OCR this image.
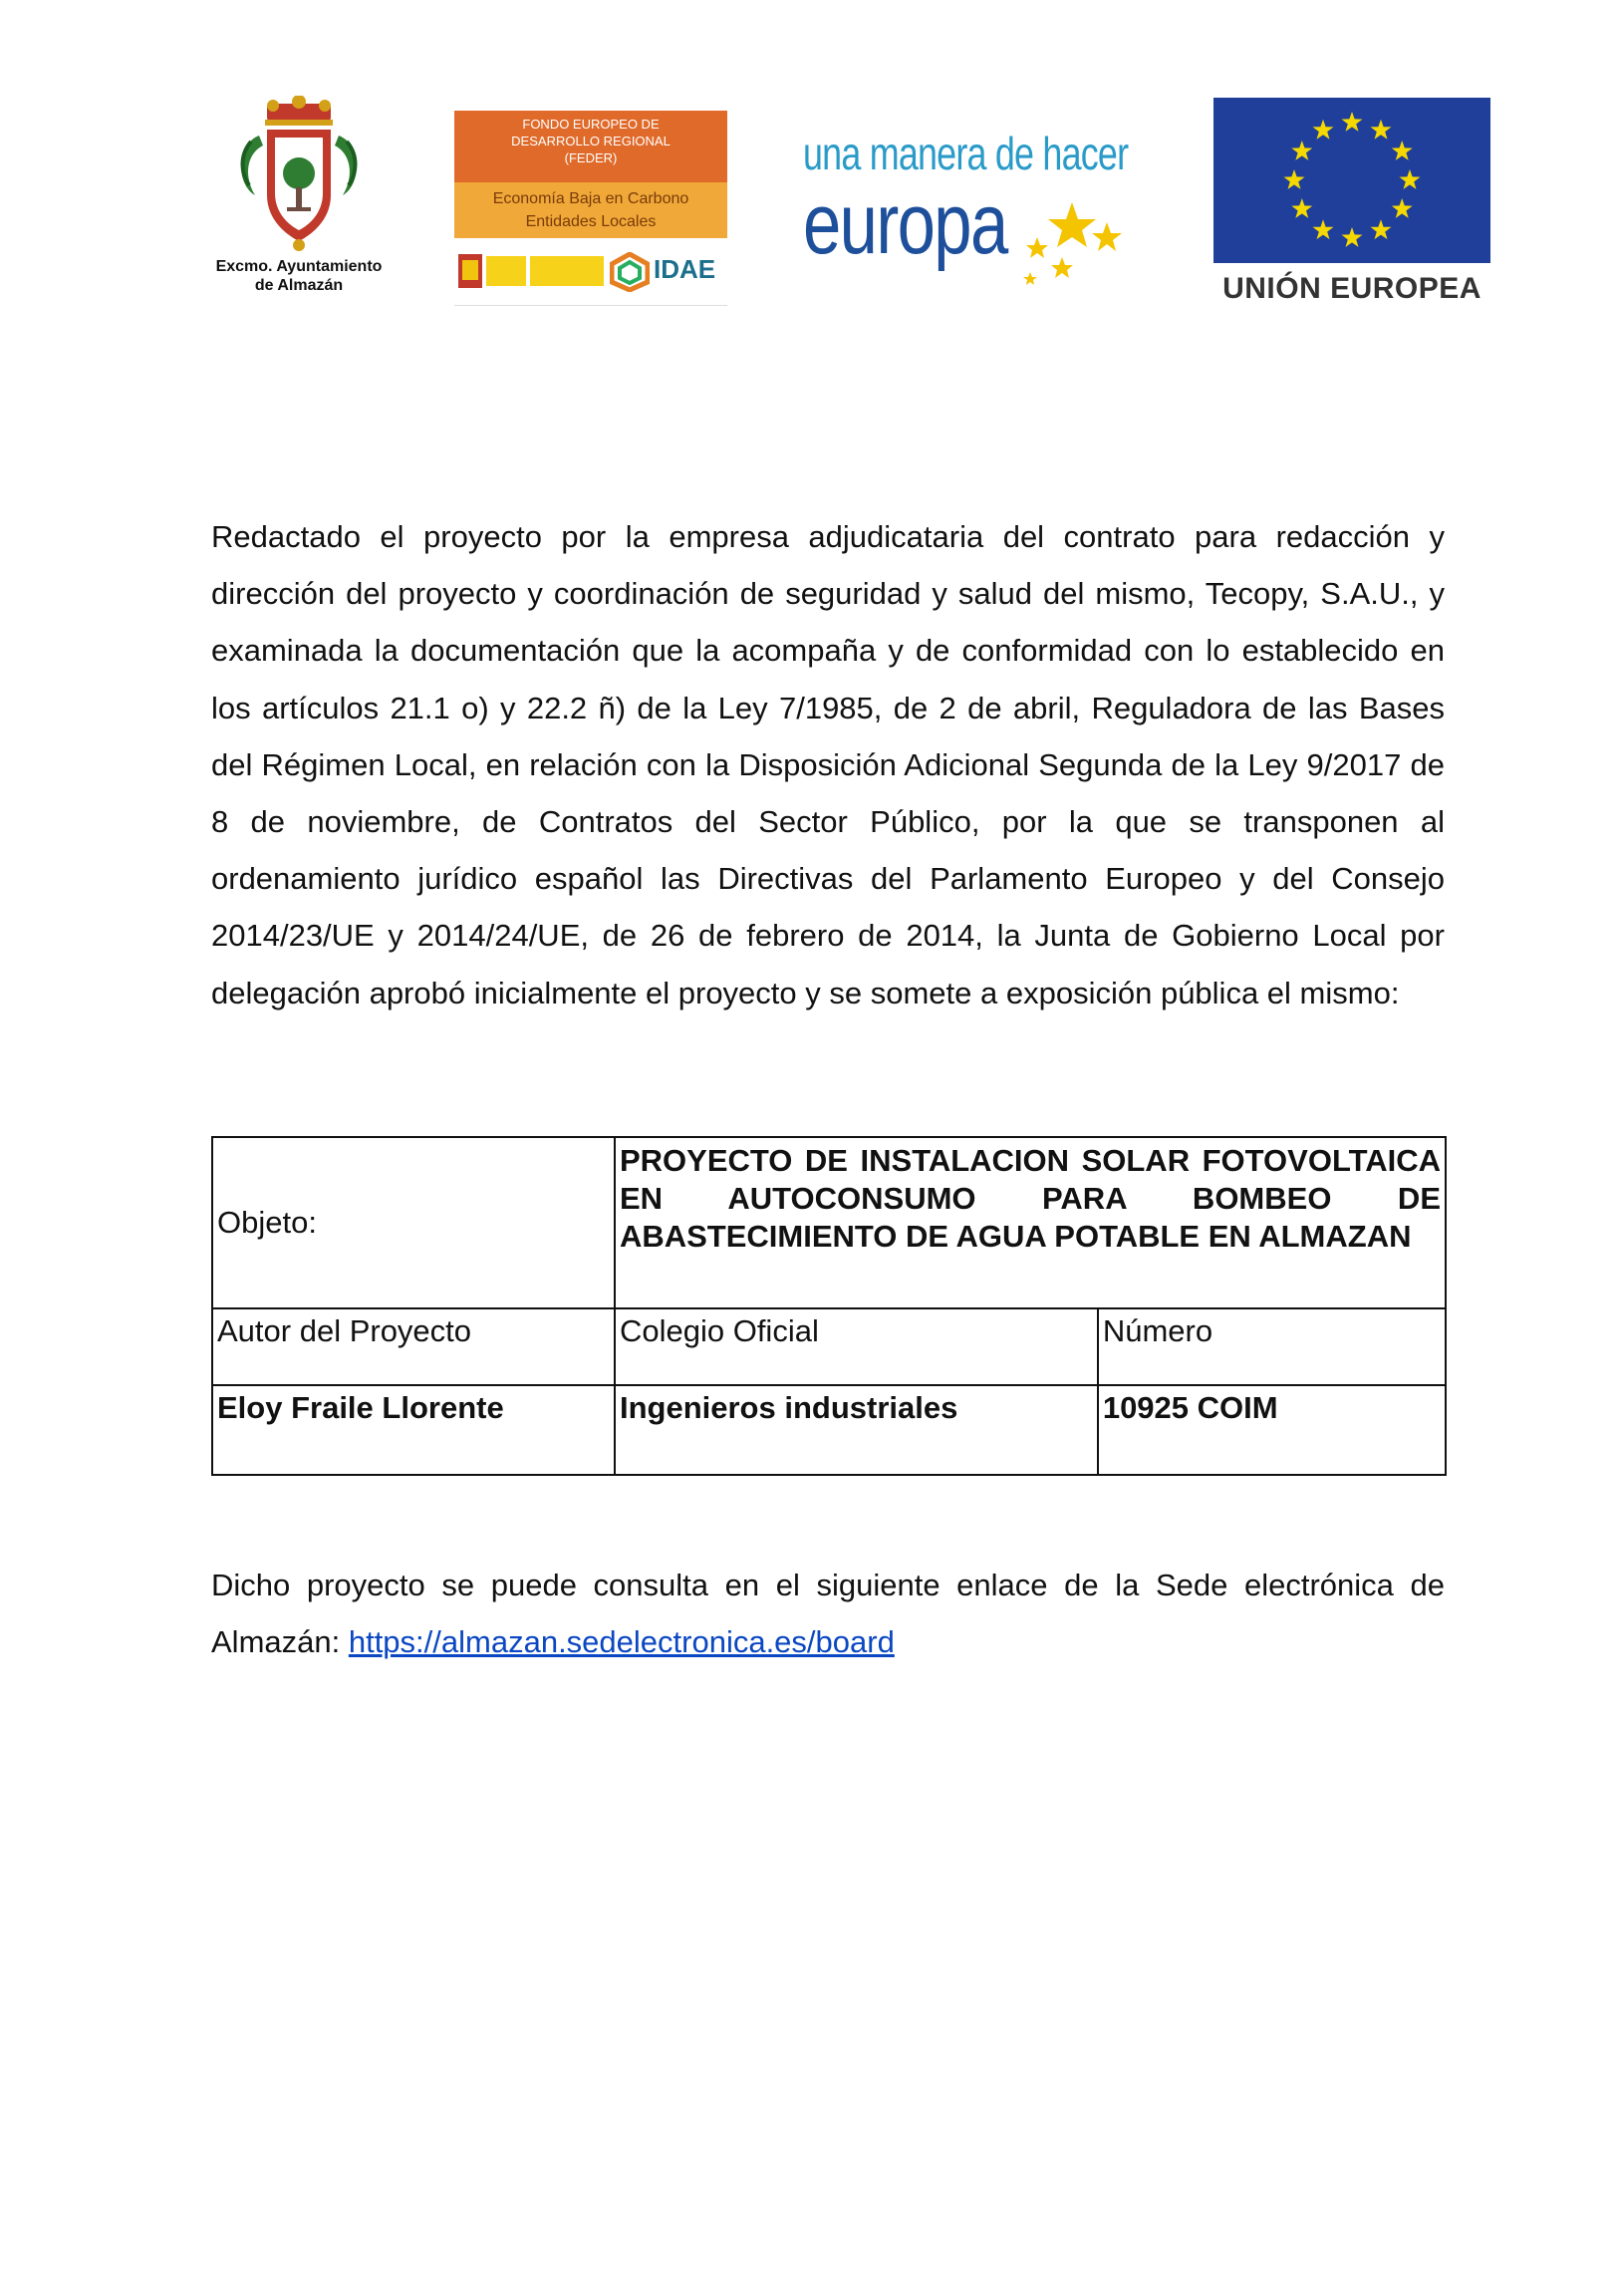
Excmo. Ayuntamiento
de Almazán
FONDO EUROPEO DE
DESARROLLO REGIONAL
(FEDER)
Economía Baja en Carbono
Entidades Locales
IDAE
una manera de hacer
europa
UNIÓN EUROPEA
Redactado el proyecto por la empresa adjudicataria del contrato para redacción y dirección del proyecto y coordinación de seguridad y salud del mismo, Tecopy, S.A.U., y examinada la documentación que la acompaña y de conformidad con lo establecido en los artículos 21.1 o) y 22.2 ñ) de la Ley 7/1985, de 2 de abril, Reguladora de las Bases del Régimen Local, en relación con la Disposición Adicional Segunda de la Ley 9/2017 de 8 de noviembre, de Contratos del Sector Público, por la que se transponen al ordenamiento jurídico español las Directivas del Parlamento Europeo y del Consejo 2014/23/UE y 2014/24/UE, de 26 de febrero de 2014, la Junta de Gobierno Local por delegación aprobó inicialmente el proyecto y se somete a exposición pública el mismo:
Objeto:	PROYECTO DE INSTALACION SOLAR FOTOVOLTAICA EN AUTOCONSUMO PARA BOMBEO DE ABASTECIMIENTO DE AGUA POTABLE EN ALMAZAN	
Autor del Proyecto	Colegio Oficial	Número
Eloy Fraile Llorente	Ingenieros industriales	10925 COIM
Dicho proyecto se puede consulta en el siguiente enlace de la Sede electrónica de Almazán: https://almazan.sedelectronica.es/board
